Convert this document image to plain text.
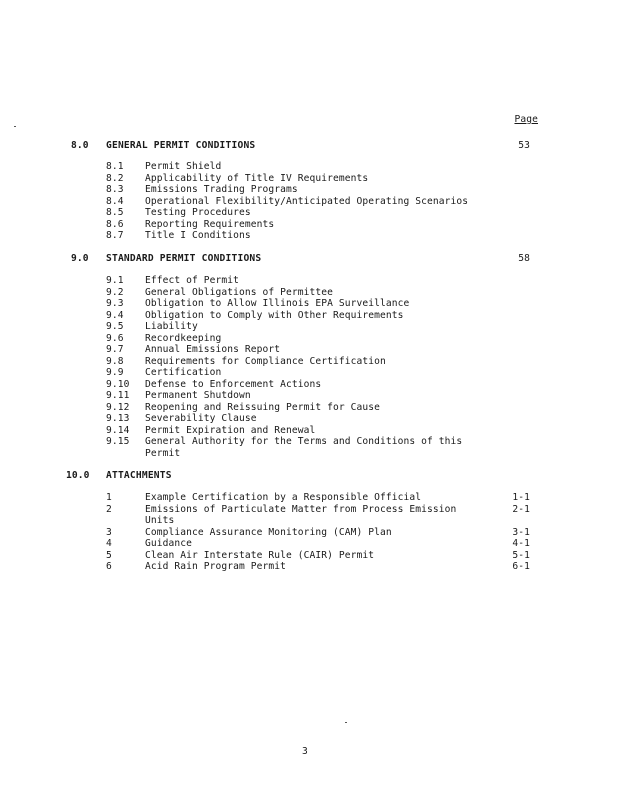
Page
8.0 GENERAL PERMIT CONDITIONS	53
8.1 Permit Shield
8.2 Applicability of Title IV Requirements
8.3 Emissions Trading Programs
8.4 Operational Flexibility/Anticipated Operating Scenarios
8.5 Testing Procedures
8.6 Reporting Requirements
8.7 Title I Conditions
9.0 STANDARD PERMIT CONDITIONS	58
9.1 Effect of Permit
9.2 General Obligations of Permittee
9.3 Obligation to Allow Illinois EPA Surveillance
9.4 Obligation to Comply with Other Requirements
9.5 Liability
9.6 Recordkeeping
9.7 Annual Emissions Report
9.8 Requirements for Compliance Certification
9.9 Certification
9.10 Defense to Enforcement Actions
9.11 Permanent Shutdown
9.12 Reopening and Reissuing Permit for Cause
9.13 Severability Clause
9.14 Permit Expiration and Renewal
9.15 General Authority for the Terms and Conditions of this
Permit
10.0 ATTACHMENTS
1	Example Certification by a Responsible Official	1-1
2	Emissions of Particulate Matter from Process Emission	2-1
Units
3	Compliance Assurance Monitoring (CAM) Plan	3-1
4	Guidance	4-1
5	Clean Air Interstate Rule (CAIR) Permit	5-1
6	Acid Rain Program Permit	6-1
3
